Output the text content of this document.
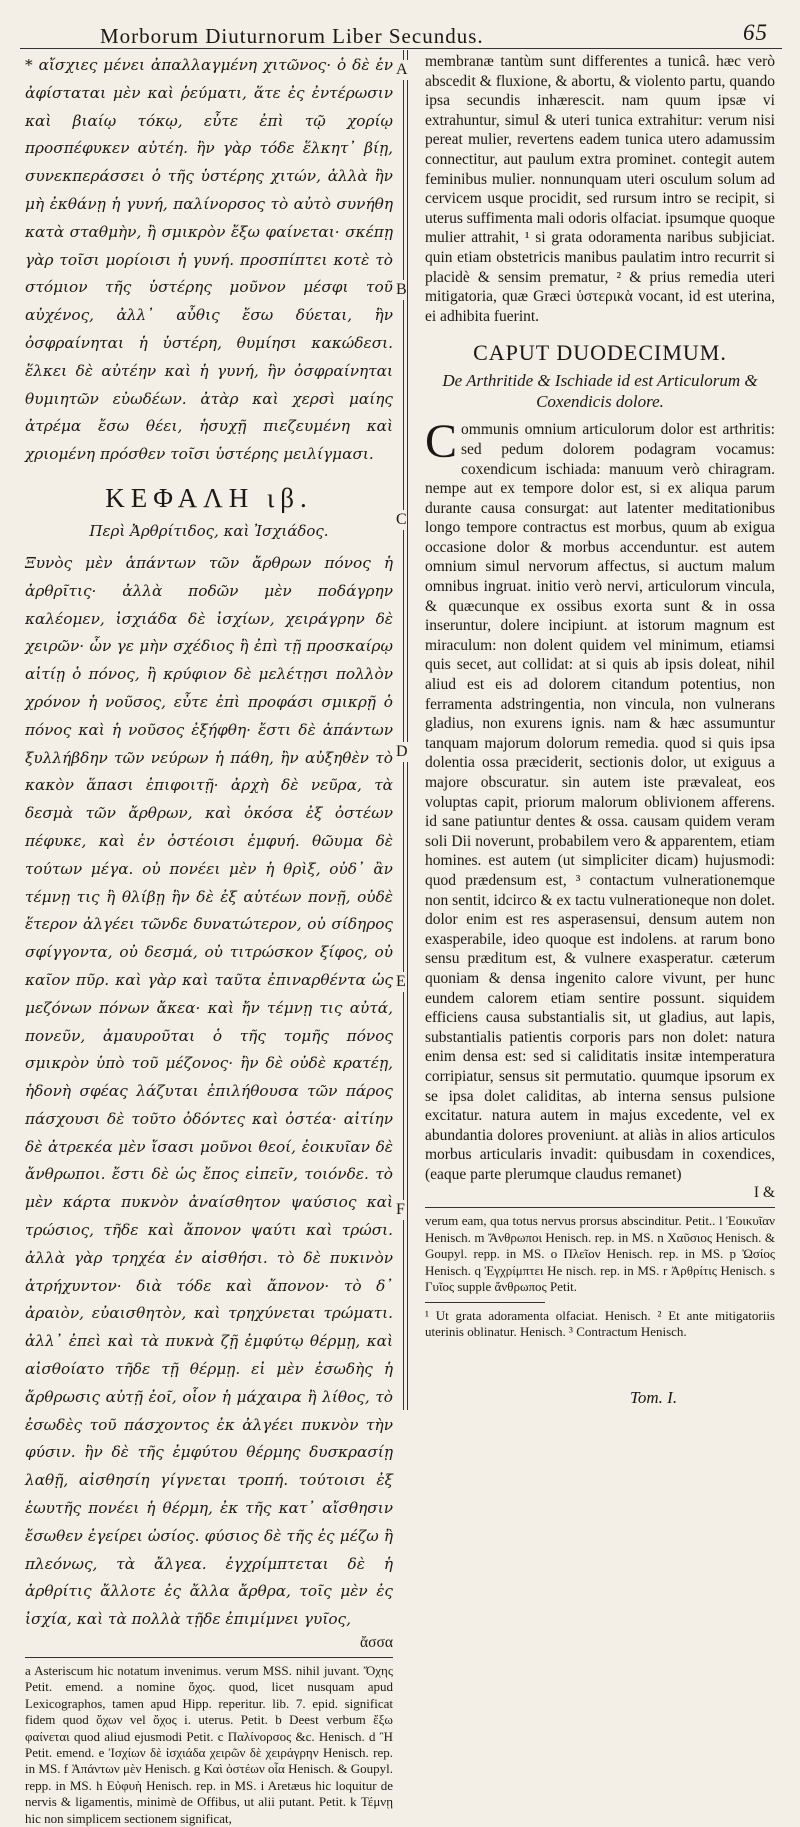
Morborum Diuturnorum Liber Secundus.	65

* αἴσχιες μένει ἀπαλλαγμένη χιτῶνος· ὁ δὲ ἐν ἀφίσταται μὲν καὶ ῥεύματι, ἅτε ἐς ἐντέρωσιν καὶ βιαίῳ τόκῳ, εὖτε ἐπὶ τῷ χορίῳ προσπέφυκεν αὐτέη. ἢν γὰρ τόδε ἕλκητ᾽ βίῃ, συνεκπεράσσει ὁ τῆς ὑστέρης χιτών, ἀλλὰ ἢν μὴ ἐκθάνῃ ἡ γυνή, παλίνορσος τὸ αὐτὸ συνήθη κατὰ σταθμὴν, ἢ σμικρὸν ἔξω φαίνεται· σκέπῃ γὰρ τοῖσι μορίοισι ἡ γυνή. προσπίπτει κοτὲ τὸ στόμιον τῆς ὑστέρης μοῦνον μέσφι τοῦ αὐχένος, ἀλλ᾽ αὖθις ἔσω δύεται, ἢν ὀσφραίνηται ἡ ὑστέρη, θυμίησι κακώδεσι. ἕλκει δὲ αὐτέην καὶ ἡ γυνή, ἢν ὀσφραίνηται θυμιητῶν εὐωδέων. ἀτὰρ καὶ χερσὶ μαίης ἀτρέμα ἔσω θέει, ἡσυχῇ πιεζευμένη καὶ χριομένη πρόσθεν τοῖσι ὑστέρης μειλίγμασι.

ΚΕΦΑΛΗ ιβ.
Περὶ Ἀρθρίτιδος, καὶ Ἰσχιάδος.

Ξυνὸς μὲν ἁπάντων τῶν ἄρθρων πόνος ἡ ἀρθρῖτις· ἀλλὰ ποδῶν μὲν ποδάγρην καλέομεν, ἰσχιάδα δὲ ἰσχίων, χειράγρην δὲ χειρῶν· ὧν γε μὴν σχέδιος ἢ ἐπὶ τῇ προσκαίρῳ αἰτίῃ ὁ πόνος, ἢ κρύφιον δὲ μελέτῃσι πολλὸν χρόνον ἡ νοῦσος, εὖτε ἐπὶ προφάσι σμικρῇ ὁ πόνος καὶ ἡ νοῦσος ἐξήφθη· ἔστι δὲ ἁπάντων ξυλλήβδην τῶν νεύρων ἡ πάθη, ἢν αὐξηθὲν τὸ κακὸν ἅπασι ἐπιφοιτῇ· ἀρχὴ δὲ νεῦρα, τὰ δεσμὰ τῶν ἄρθρων, καὶ ὁκόσα ἐξ ὀστέων πέφυκε, καὶ ἐν ὀστέοισι ἐμφυή. θῶυμα δὲ τούτων μέγα. οὐ πονέει μὲν ἡ θρὶξ, οὐδ᾽ ἂν τέμνῃ τις ἢ θλίβῃ ἢν δὲ ἐξ αὐτέων πονῇ, οὐδὲ ἕτερον ἀλγέει τῶνδε δυνατώτερον, οὐ σίδηρος σφίγγοντα, οὐ δεσμά, οὐ τιτρώσκον ξίφος, οὐ καῖον πῦρ. καὶ γὰρ καὶ ταῦτα ἐπιναρθέντα ὡς μεζόνων πόνων ἄκεα· καὶ ἤν τέμνῃ τις αὐτά, πονεῦν, ἀμαυροῦται ὁ τῆς τομῆς πόνος σμικρὸν ὑπὸ τοῦ μέζονος· ἢν δὲ οὐδὲ κρατέῃ, ἡδονὴ σφέας λάζυται ἐπιλήθουσα τῶν πάρος πάσχουσι δὲ τοῦτο ὀδόντες καὶ ὀστέα· αἰτίην δὲ ἀτρεκέα μὲν ἴσασι μοῦνοι θεοί, ἐοικυῖαν δὲ ἄνθρωποι. ἔστι δὲ ὡς ἔπος εἰπεῖν, τοιόνδε. τὸ μὲν κάρτα πυκνὸν ἀναίσθητον ψαύσιος καὶ τρώσιος, τῆδε καὶ ἄπονον ψαύτι καὶ τρώσι. ἀλλὰ γὰρ τρηχέα ἐν αἰσθήσι. τὸ δὲ πυκινὸν ἀτρήχυντον· διὰ τόδε καὶ ἄπονον· τὸ δ᾽ ἀραιὸν, εὐαισθητὸν, καὶ τρηχύνεται τρώματι. ἀλλ᾽ ἐπεὶ καὶ τὰ πυκνὰ ζῇ ἐμφύτῳ θέρμῃ, καὶ αἰσθοίατο τῆδε τῇ θέρμῃ. εἰ μὲν ἐσωδὴς ἡ ἄρθρωσις αὐτῇ ἐοῖ, οἷον ἡ μάχαιρα ἢ λίθος, τὸ ἐσωδὲς τοῦ πάσχοντος ἐκ ἀλγέει πυκνὸν τὴν φύσιν. ἢν δὲ τῆς ἐμφύτου θέρμης δυσκρασίῃ λαθῇ, αἰσθησίη γίγνεται τροπή. τούτοισι ἐξ ἑωυτῆς πονέει ἡ θέρμη, ἐκ τῆς κατ᾽ αἴσθησιν ἔσωθεν ἐγείρει ὠσίος. φύσιος δὲ τῆς ἐς μέζω ἢ πλεόνως, τὰ ἄλγεα. ἐγχρίμπτεται δὲ ἡ ἀρθρίτις ἄλλοτε ἐς ἄλλα ἄρθρα, τοῖς μὲν ἐς ἰσχία, καὶ τὰ πολλὰ τῇδε ἐπιμίμνει γυῖος,

ἄσσα

a Asteriscum hic notatum invenimus. verum MSS. nihil juvant. Ὄχης Petit. emend. a nomine ὄχος. quod, licet nusquam apud Lexicographos, tamen apud Hipp. reperitur. lib. 7. epid. significat fidem quod ὄχων vel ὄχος i. uterus. Petit. b Deest verbum ἔξω φαίνεται quod aliud ejusmodi Petit. c Παλίνορσος &c. Henisch. d Ἢ Petit. emend. e Ἰσχίων δὲ ἰσχιάδα χειρῶν δὲ χειράγρην Henisch. rep. in MS. f Ἁπάντων μὲν Henisch. g Καὶ ὀστέων οἷα Henisch. & Goupyl. repp. in MS. h Εὐφυὴ Henisch. rep. in MS. i Aretæus hic loquitur de nervis & ligamentis, minimè de Offibus, ut alii putant. Petit. k Τέμνῃ hic non simplicem sectionem significat,

A
B
C
D
E
F

membranæ tantùm sunt differentes a tunicâ. hæc verò abscedit & fluxione, & abortu, & violento partu, quando ipsa secundis inhærescit. nam quum ipsæ vi extrahuntur, simul & uteri tunica extrahitur: verum nisi pereat mulier, revertens eadem tunica utero adamussim connectitur, aut paulum extra prominet. contegit autem feminibus mulier. nonnunquam uteri osculum solum ad cervicem usque procidit, sed rursum intro se recipit, si uterus suffimenta mali odoris olfaciat. ipsumque quoque mulier attrahit, ¹ si grata odoramenta naribus subjiciat. quin etiam obstetricis manibus paulatim intro recurrit si placidè & sensim prematur, ² & prius remedia uteri mitigatoria, quæ Græci ὑστερικὰ vocant, id est uterina, ei adhibita fuerint.

CAPUT DUODECIMUM.
De Arthritide & Ischiade id est Articulorum & Coxendicis dolore.

Communis omnium articulorum dolor est arthritis: sed pedum dolorem podagram vocamus: coxendicum ischiada: manuum verò chiragram. nempe aut ex tempore dolor est, si ex aliqua parum durante causa consurgat: aut latenter meditationibus longo tempore contractus est morbus, quum ab exigua occasione dolor & morbus accenduntur. est autem omnium simul nervorum affectus, si auctum malum omnibus ingruat. initio verò nervi, articulorum vincula, & quæcunque ex ossibus exorta sunt & in ossa inseruntur, dolere incipiunt. at istorum magnum est miraculum: non dolent quidem vel minimum, etiamsi quis secet, aut collidat: at si quis ab ipsis doleat, nihil aliud est eis ad dolorem citandum potentius, non ferramenta adstringentia, non vincula, non vulnerans gladius, non exurens ignis. nam & hæc assumuntur tanquam majorum dolorum remedia. quod si quis ipsa dolentia ossa præciderit, sectionis dolor, ut exiguus a majore obscuratur. sin autem iste prævaleat, eos voluptas capit, priorum malorum oblivionem afferens. id sane patiuntur dentes & ossa. causam quidem veram soli Dii noverunt, probabilem vero & apparentem, etiam homines. est autem (ut simpliciter dicam) hujusmodi: quod prædensum est, ³ contactum vulnerationemque non sentit, idcirco & ex tactu vulnerationeque non dolet. dolor enim est res asperasensui, densum autem non exasperabile, ideo quoque est indolens. at rarum bono sensu præditum est, & vulnere exasperatur. cæterum quoniam & densa ingenito calore vivunt, per hunc eundem calorem etiam sentire possunt. siquidem efficiens causa substantialis sit, ut gladius, aut lapis, substantialis patientis corporis pars non dolet: natura enim densa est: sed si caliditatis insitæ intemperatura corripiatur, sensus sit permutatio. quumque ipsorum ex se ipsa dolet caliditas, ab interna sensus pulsione excitatur. natura autem in majus excedente, vel ex abundantia dolores proveniunt. at aliàs in alios articulos morbus articularis invadit: quibusdam in coxendices, (eaque parte plerumque claudus remanet)

I &

verum eam, qua totus nervus prorsus abscinditur. Petit.. l Ἐοικυῖαν Henisch. m Ἄνθρωποι Henisch. rep. in MS. n Χαῦσιος Henisch. & Goupyl. repp. in MS. o Πλεῖον Henisch. rep. in MS. p Ὠσίος Henisch. q Ἐγχρίμπτει He nisch. rep. in MS. r Ἀρθρίτις Henisch. s Γυῖος supple ἄνθρωπος Petit.

¹ Ut grata adoramenta olfaciat. Henisch. ² Et ante mitigatoriis uterinis oblinatur. Henisch. ³ Contractum Henisch.

Tom. I.
